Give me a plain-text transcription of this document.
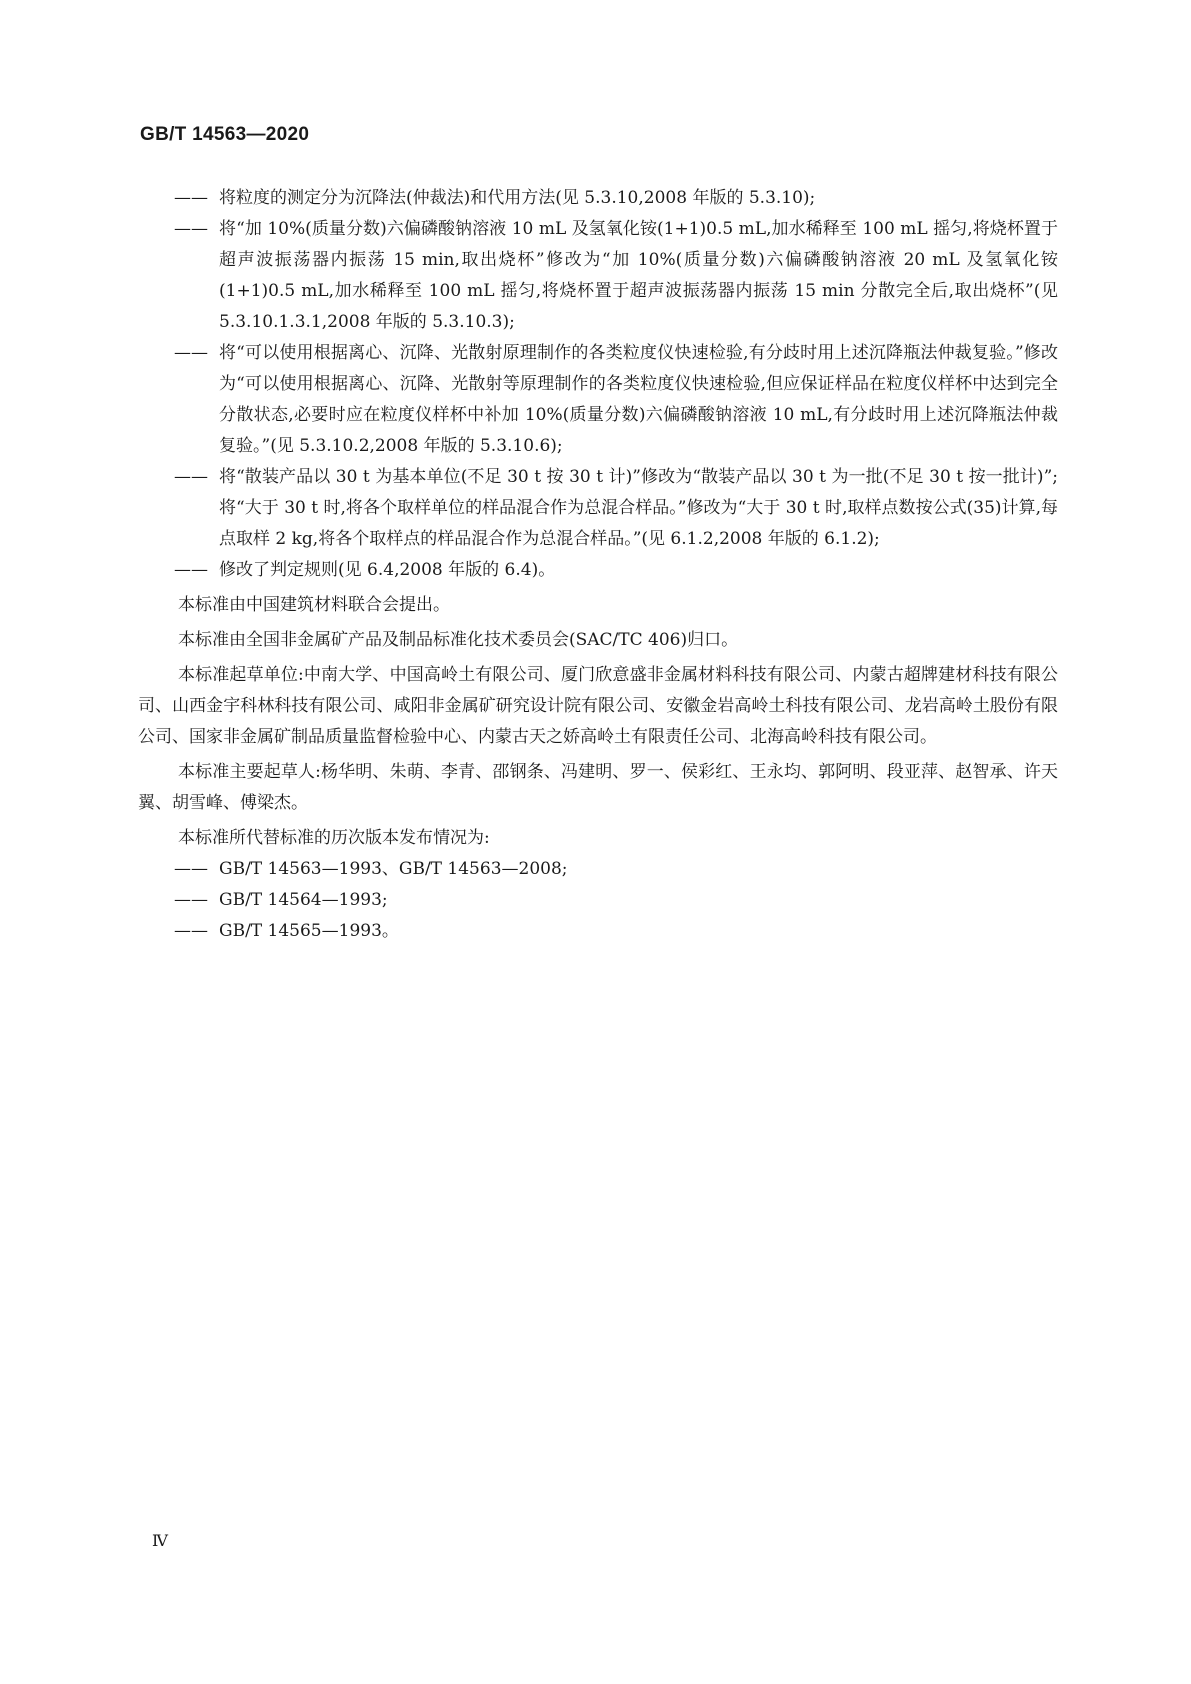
GB/T 14563—2020
—— 将粒度的测定分为沉降法(仲裁法)和代用方法(见 5.3.10,2008 年版的 5.3.10);
—— 将“加 10%(质量分数)六偏磷酸钠溶液 10 mL 及氢氧化铵(1+1)0.5 mL,加水稀释至 100 mL 摇匀,将烧杯置于超声波振荡器内振荡 15 min,取出烧杯”修改为“加 10%(质量分数)六偏磷酸钠溶液 20 mL 及氢氧化铵(1+1)0.5 mL,加水稀释至 100 mL 摇匀,将烧杯置于超声波振荡器内振荡 15 min 分散完全后,取出烧杯”(见 5.3.10.1.3.1,2008 年版的 5.3.10.3);
—— 将“可以使用根据离心、沉降、光散射原理制作的各类粒度仪快速检验,有分歧时用上述沉降瓶法仲裁复验。”修改为“可以使用根据离心、沉降、光散射等原理制作的各类粒度仪快速检验,但应保证样品在粒度仪样杯中达到完全分散状态,必要时应在粒度仪样杯中补加 10%(质量分数)六偏磷酸钠溶液 10 mL,有分歧时用上述沉降瓶法仲裁复验。”(见 5.3.10.2,2008 年版的 5.3.10.6);
—— 将“散装产品以 30 t 为基本单位(不足 30 t 按 30 t 计)”修改为“散装产品以 30 t 为一批(不足 30 t 按一批计)”;将“大于 30 t 时,将各个取样单位的样品混合作为总混合样品。”修改为“大于 30 t 时,取样点数按公式(35)计算,每点取样 2 kg,将各个取样点的样品混合作为总混合样品。”(见 6.1.2,2008 年版的 6.1.2);
—— 修改了判定规则(见 6.4,2008 年版的 6.4)。
本标准由中国建筑材料联合会提出。
本标准由全国非金属矿产品及制品标准化技术委员会(SAC/TC 406)归口。
本标准起草单位:中南大学、中国高岭土有限公司、厦门欣意盛非金属材料科技有限公司、内蒙古超牌建材科技有限公司、山西金宇科林科技有限公司、咸阳非金属矿研究设计院有限公司、安徽金岩高岭土科技有限公司、龙岩高岭土股份有限公司、国家非金属矿制品质量监督检验中心、内蒙古天之娇高岭土有限责任公司、北海高岭科技有限公司。
本标准主要起草人:杨华明、朱萌、李青、邵钢条、冯建明、罗一、侯彩红、王永均、郭阿明、段亚萍、赵智承、许天翼、胡雪峰、傅梁杰。
本标准所代替标准的历次版本发布情况为:
—— GB/T 14563—1993、GB/T 14563—2008;
—— GB/T 14564—1993;
—— GB/T 14565—1993。
Ⅳ
